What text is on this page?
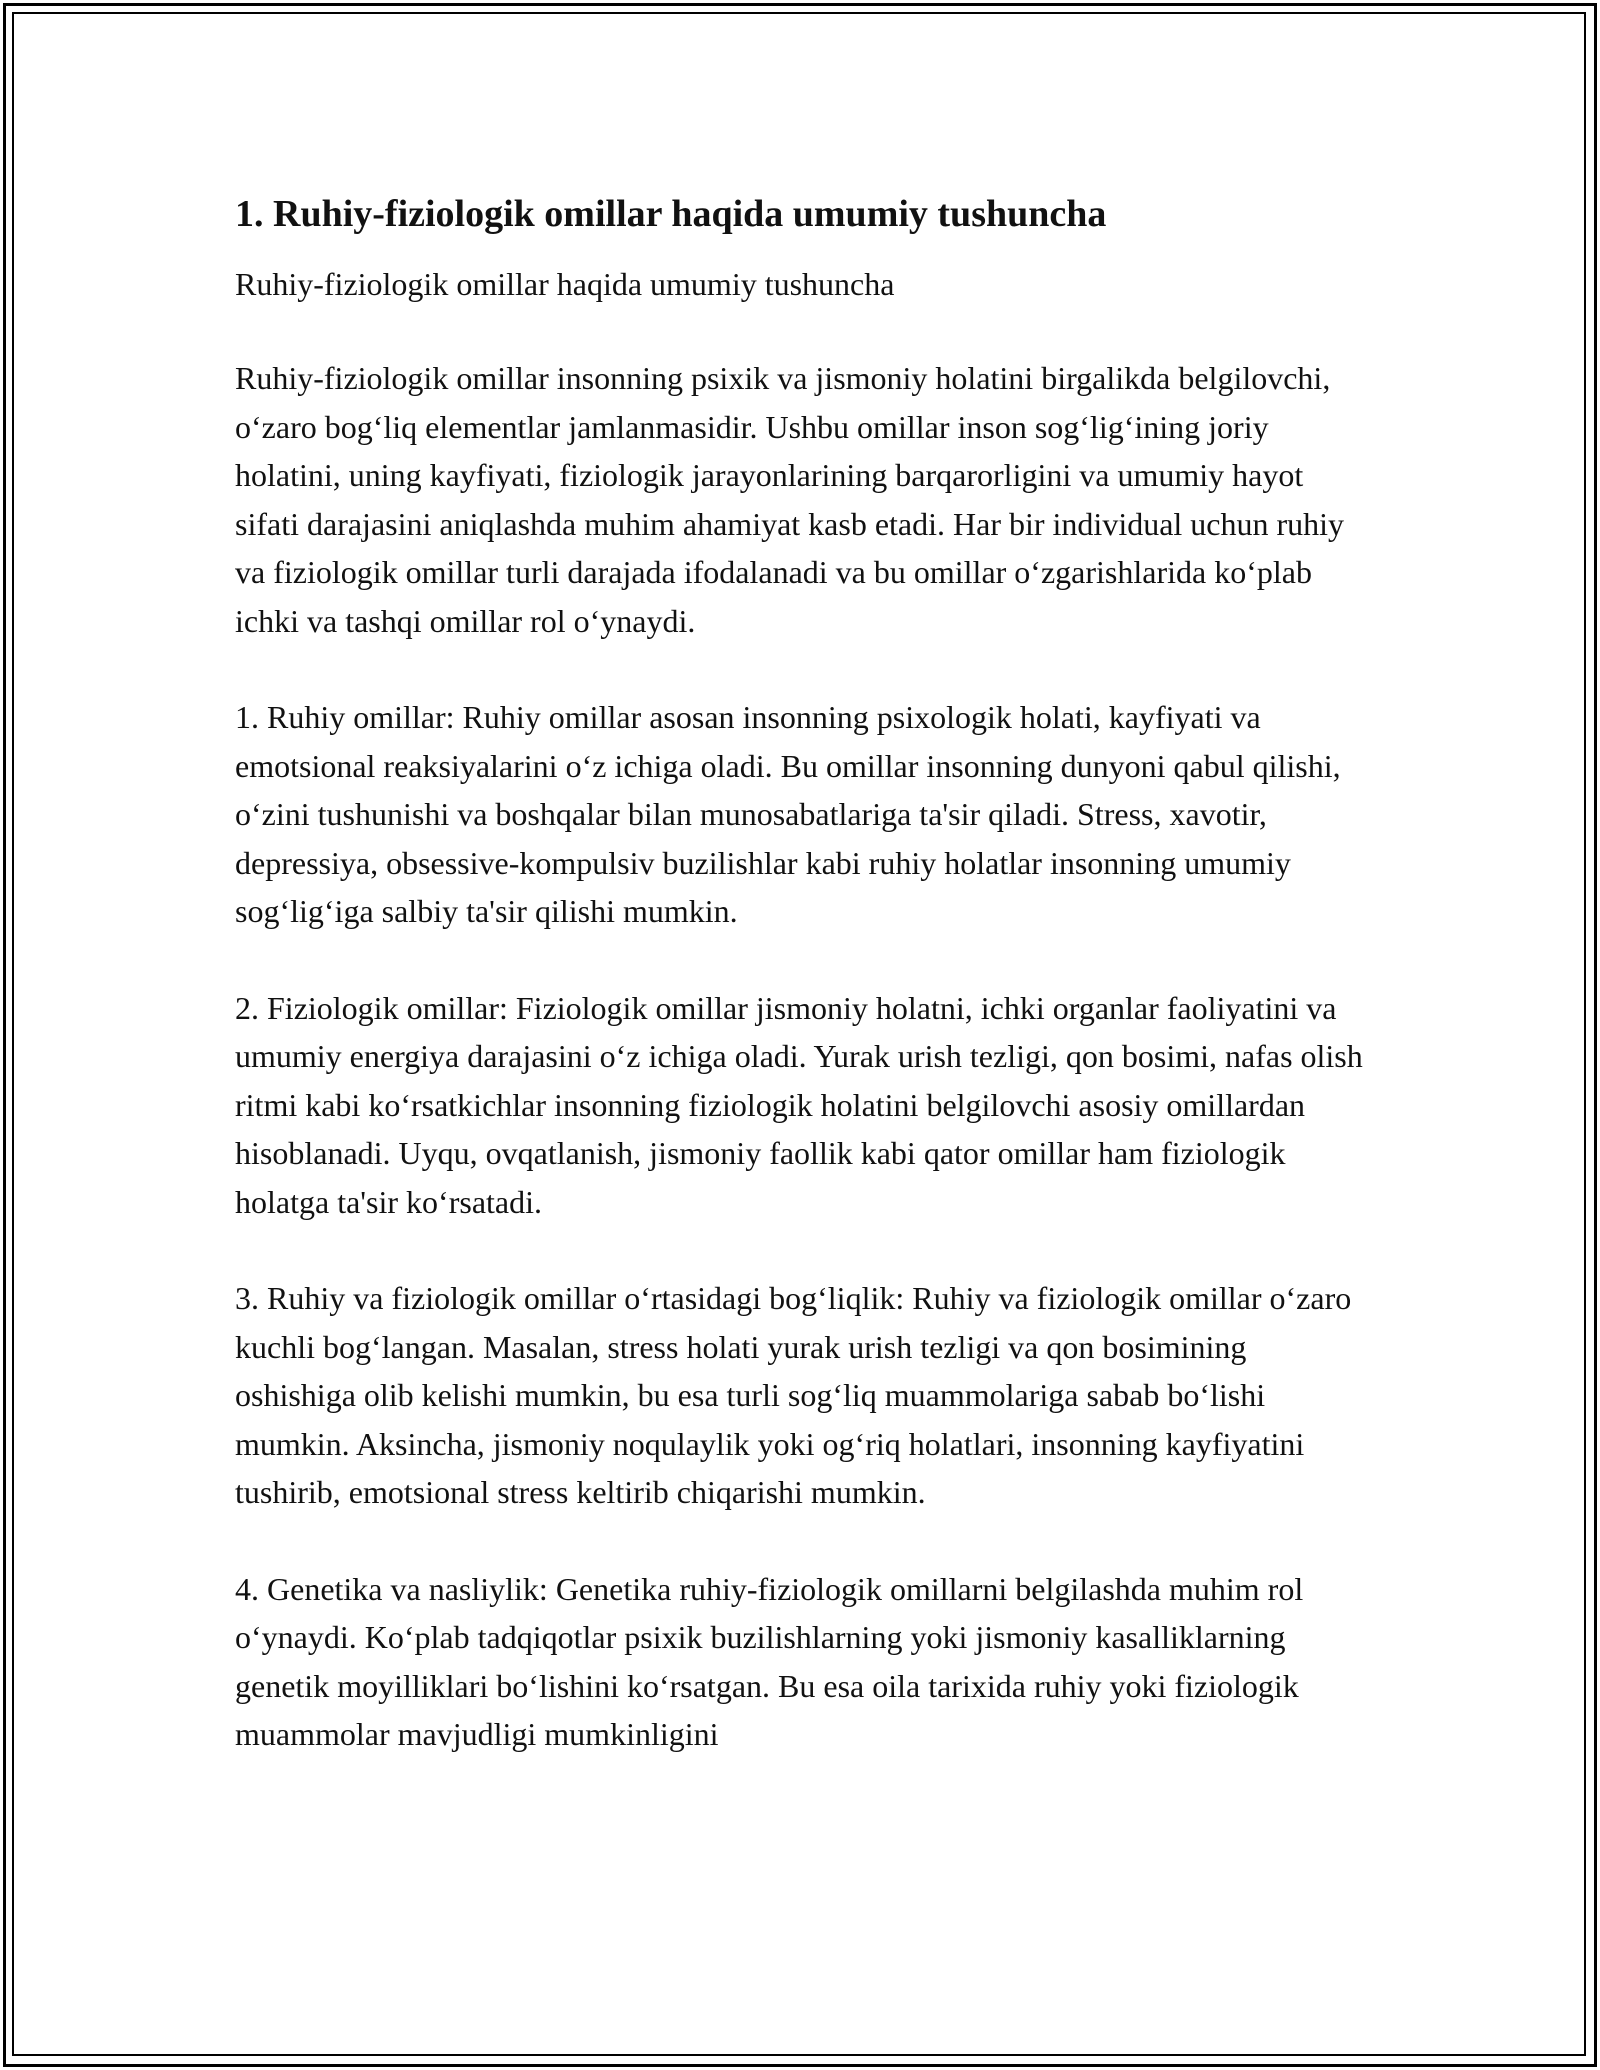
1. Ruhiy-fiziologik omillar haqida umumiy tushuncha

Ruhiy-fiziologik omillar haqida umumiy tushuncha

Ruhiy-fiziologik omillar insonning psixik va jismoniy holatini birgalikda belgilovchi, o‘zaro bog‘liq elementlar jamlanmasidir. Ushbu omillar inson sog‘lig‘ining joriy holatini, uning kayfiyati, fiziologik jarayonlarining barqarorligini va umumiy hayot sifati darajasini aniqlashda muhim ahamiyat kasb etadi. Har bir individual uchun ruhiy va fiziologik omillar turli darajada ifodalanadi va bu omillar o‘zgarishlarida ko‘plab ichki va tashqi omillar rol o‘ynaydi.

1. Ruhiy omillar: Ruhiy omillar asosan insonning psixologik holati, kayfiyati va emotsional reaksiyalarini o‘z ichiga oladi. Bu omillar insonning dunyoni qabul qilishi, o‘zini tushunishi va boshqalar bilan munosabatlariga ta'sir qiladi. Stress, xavotir, depressiya, obsessive-kompulsiv buzilishlar kabi ruhiy holatlar insonning umumiy sog‘lig‘iga salbiy ta'sir qilishi mumkin.

2. Fiziologik omillar: Fiziologik omillar jismoniy holatni, ichki organlar faoliyatini va umumiy energiya darajasini o‘z ichiga oladi. Yurak urish tezligi, qon bosimi, nafas olish ritmi kabi ko‘rsatkichlar insonning fiziologik holatini belgilovchi asosiy omillardan hisoblanadi. Uyqu, ovqatlanish, jismoniy faollik kabi qator omillar ham fiziologik holatga ta'sir ko‘rsatadi.

3. Ruhiy va fiziologik omillar o‘rtasidagi bog‘liqlik: Ruhiy va fiziologik omillar o‘zaro kuchli bog‘langan. Masalan, stress holati yurak urish tezligi va qon bosimining oshishiga olib kelishi mumkin, bu esa turli sog‘liq muammolariga sabab bo‘lishi mumkin. Aksincha, jismoniy noqulaylik yoki og‘riq holatlari, insonning kayfiyatini tushirib, emotsional stress keltirib chiqarishi mumkin.

4. Genetika va nasliylik: Genetika ruhiy-fiziologik omillarni belgilashda muhim rol o‘ynaydi. Ko‘plab tadqiqotlar psixik buzilishlarning yoki jismoniy kasalliklarning genetik moyilliklari bo‘lishini ko‘rsatgan. Bu esa oila tarixida ruhiy yoki fiziologik muammolar mavjudligi mumkinligini
